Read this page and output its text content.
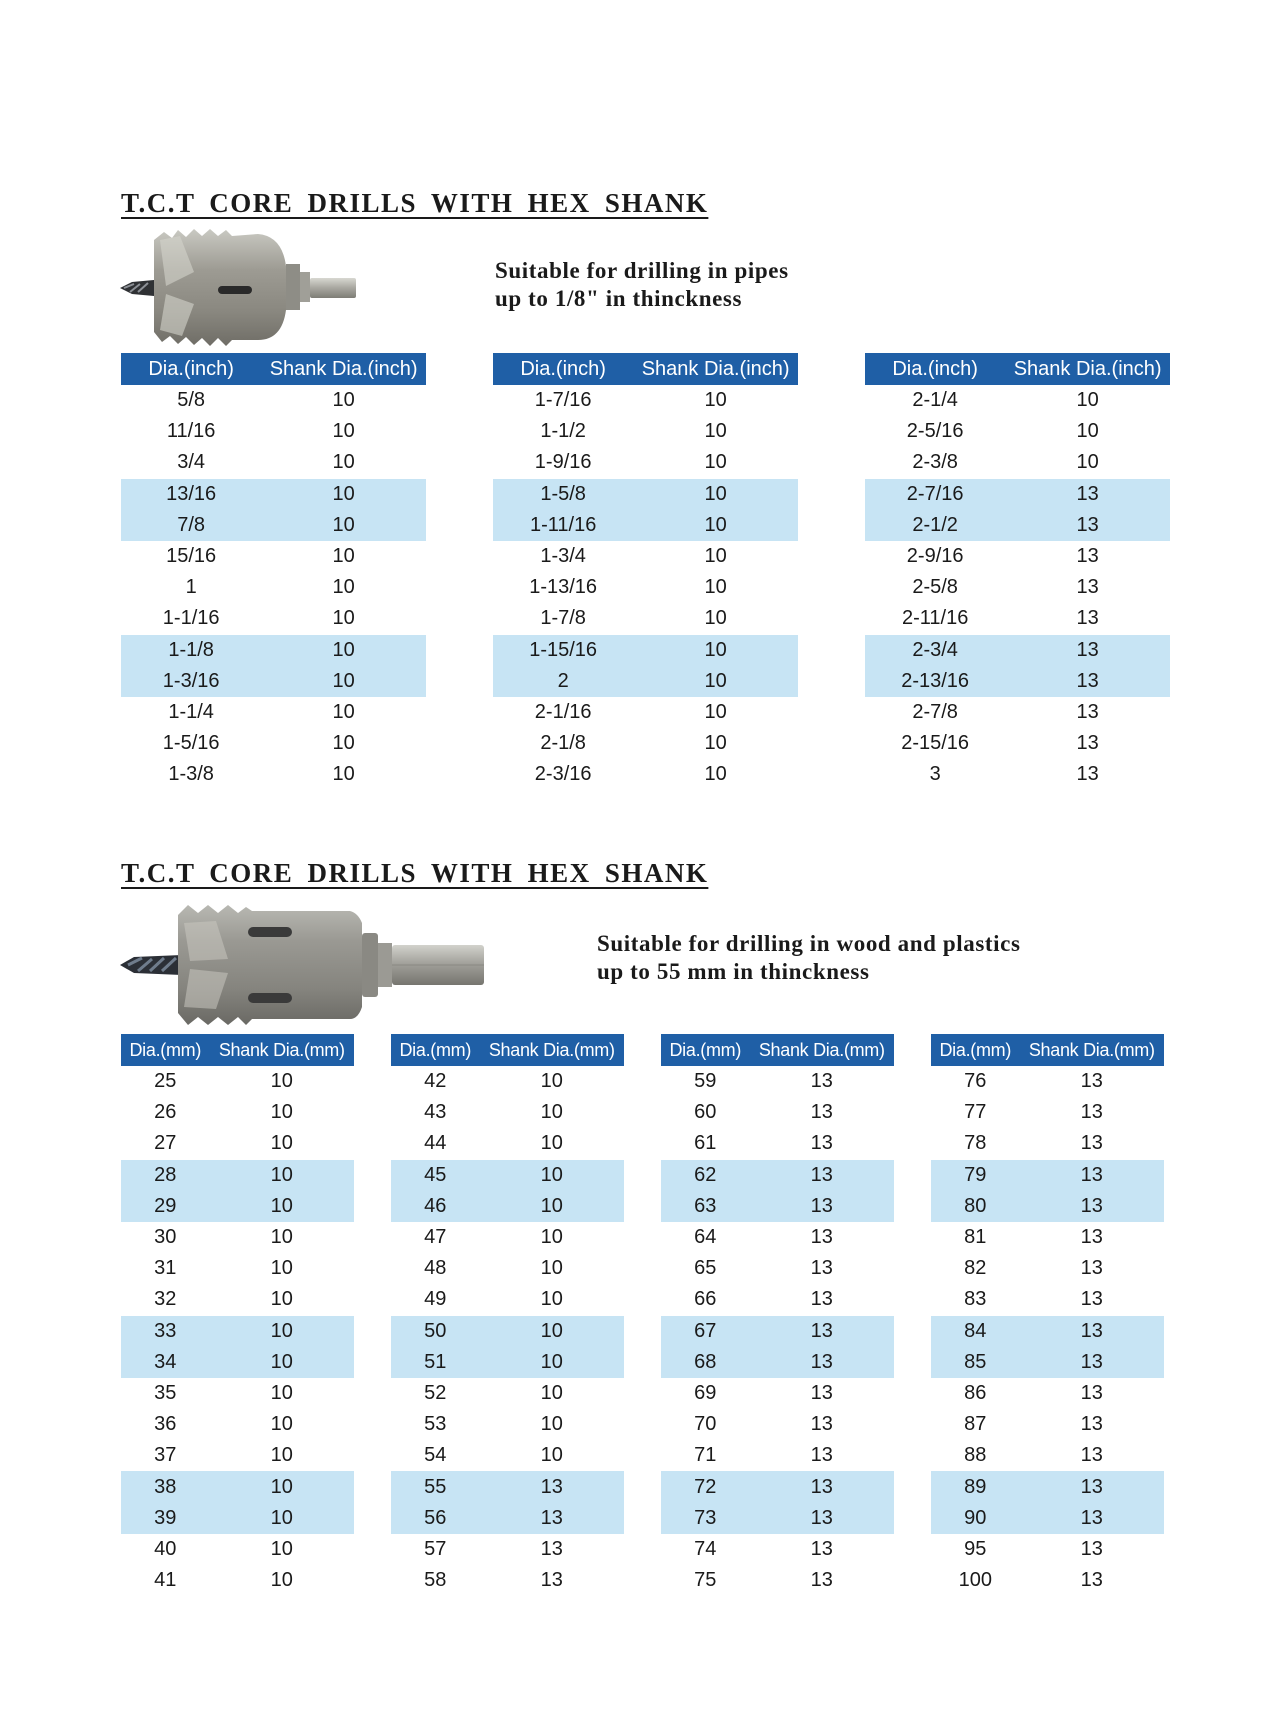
T.C.T CORE DRILLS WITH HEX SHANK
Suitable for drilling in pipes
up to 1/8" in thinckness
Dia.(inch)	Shank Dia.(inch)
5/8	10
11/16	10
3/4	10
13/16	10
7/8	10
15/16	10
1	10
1-1/16	10
1-1/8	10
1-3/16	10
1-1/4	10
1-5/16	10
1-3/8	10
Dia.(inch)	Shank Dia.(inch)
1-7/16	10
1-1/2	10
1-9/16	10
1-5/8	10
1-11/16	10
1-3/4	10
1-13/16	10
1-7/8	10
1-15/16	10
2	10
2-1/16	10
2-1/8	10
2-3/16	10
Dia.(inch)	Shank Dia.(inch)
2-1/4	10
2-5/16	10
2-3/8	10
2-7/16	13
2-1/2	13
2-9/16	13
2-5/8	13
2-11/16	13
2-3/4	13
2-13/16	13
2-7/8	13
2-15/16	13
3	13
T.C.T CORE DRILLS WITH HEX SHANK
Suitable for drilling in wood and plastics
up to 55 mm in thinckness
Dia.(mm)	Shank Dia.(mm)
25	10
26	10
27	10
28	10
29	10
30	10
31	10
32	10
33	10
34	10
35	10
36	10
37	10
38	10
39	10
40	10
41	10
Dia.(mm)	Shank Dia.(mm)
42	10
43	10
44	10
45	10
46	10
47	10
48	10
49	10
50	10
51	10
52	10
53	10
54	10
55	13
56	13
57	13
58	13
Dia.(mm)	Shank Dia.(mm)
59	13
60	13
61	13
62	13
63	13
64	13
65	13
66	13
67	13
68	13
69	13
70	13
71	13
72	13
73	13
74	13
75	13
Dia.(mm)	Shank Dia.(mm)
76	13
77	13
78	13
79	13
80	13
81	13
82	13
83	13
84	13
85	13
86	13
87	13
88	13
89	13
90	13
95	13
100	13
